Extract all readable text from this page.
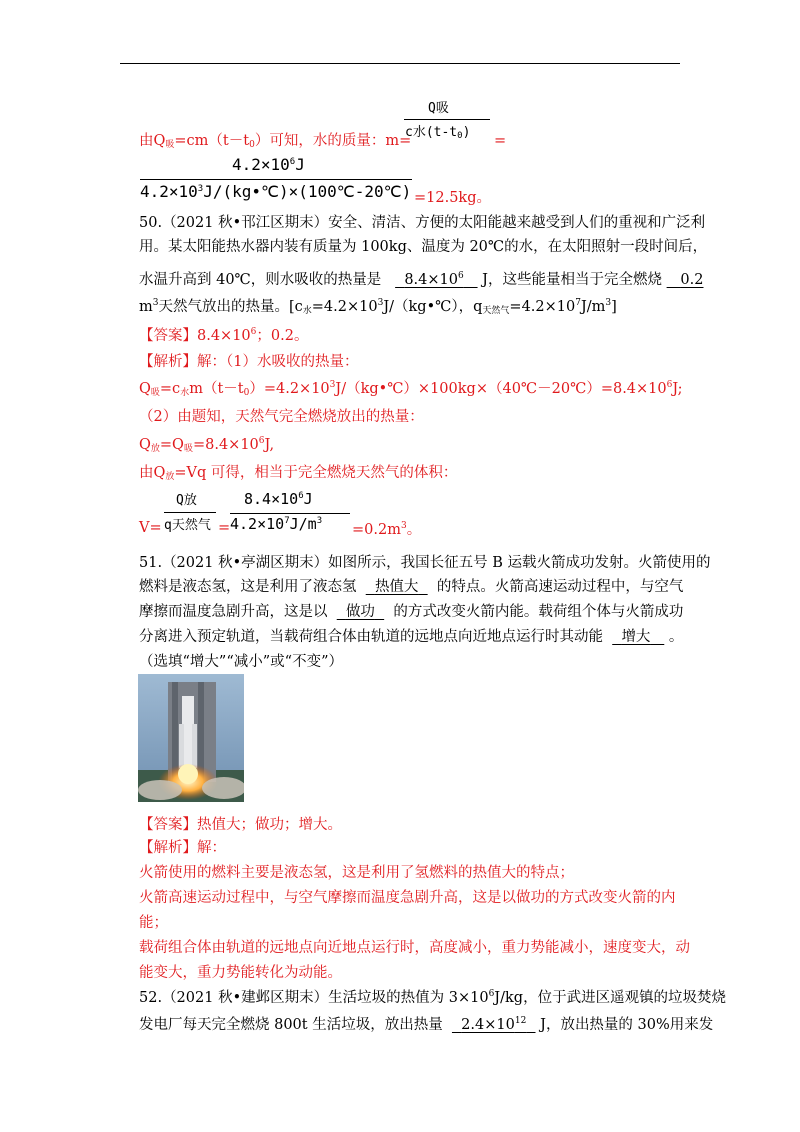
由$Q_吸=cm(t-t_0)$可知，水的质量：m=
Q吸
c水$(t-t_0)$
=
$4.2\times 10^6J$
$4.2\times 10^3J/(kg•℃)\times(100℃-20℃) =12.5kg$。
50.（2021 秋•邗江区期末）安全、清洁、方便的太阳能越来越受到人们的重视和广泛利
用。某太阳能热水器内装有质量为 100kg、温度为 20℃的水，在太阳照射一段时间后，
水温升高到 40℃，则水吸收的热量是 $8.4\times 10^6$ J，这些能量相当于完全燃烧 0.2
$m^3$天然气放出的热量。[$c_水=4.2\times 10^3J/(kg•℃)$，$q_{天然气}=4.2\times 10^7J/m^3$]
【答案】$8.4\times 10^6$；0.2。
【解析】解：（1）水吸收的热量：
$Q_吸=c_水m(t-t_0)=4.2\times 10^3J/(kg•℃)\times 100kg\times(40℃-20℃)=8.4\times 10^6J$;
（2）由题知，天然气完全燃烧放出的热量：
$Q_放=Q_吸=8.4\times 10^6J$,
由$Q_放=Vq$ 可得，相当于完全燃烧天然气的体积：
V=
Q放
q天然气 =
$8.4\times 10^6J$
$4.2\times 10^7J/m^3$
$=0.2m^3$。
51.（2021 秋•亭湖区期末）如图所示，我国长征五号 B 运载火箭成功发射。火箭使用的
燃料是液态氢，这是利用了液态氢 热值大 的特点。火箭高速运动过程中，与空气
摩擦而温度急剧升高，这是以 做功 的方式改变火箭内能。载荷组个体与火箭成功
分离进入预定轨道，当载荷组合体由轨道的远地点向近地点运行时其动能 增大 。
（选填“增大”“减小”或“不变”）
【答案】热值大；做功；增大。
【解析】解：
火箭使用的燃料主要是液态氢，这是利用了氢燃料的热值大的特点；
火箭高速运动过程中，与空气摩擦而温度急剧升高，这是以做功的方式改变火箭的内
能；
载荷组合体由轨道的远地点向近地点运行时，高度减小，重力势能减小，速度变大，动
能变大，重力势能转化为动能。
52.（2021 秋•建邺区期末）生活垃圾的热值为 $3\times 10^6J/kg$，位于武进区遥观镇的垃圾焚烧
发电厂每天完全燃烧 800t 生活垃圾，放出热量 $2.4\times 10^{12}$ J，放出热量的 30%用来发
